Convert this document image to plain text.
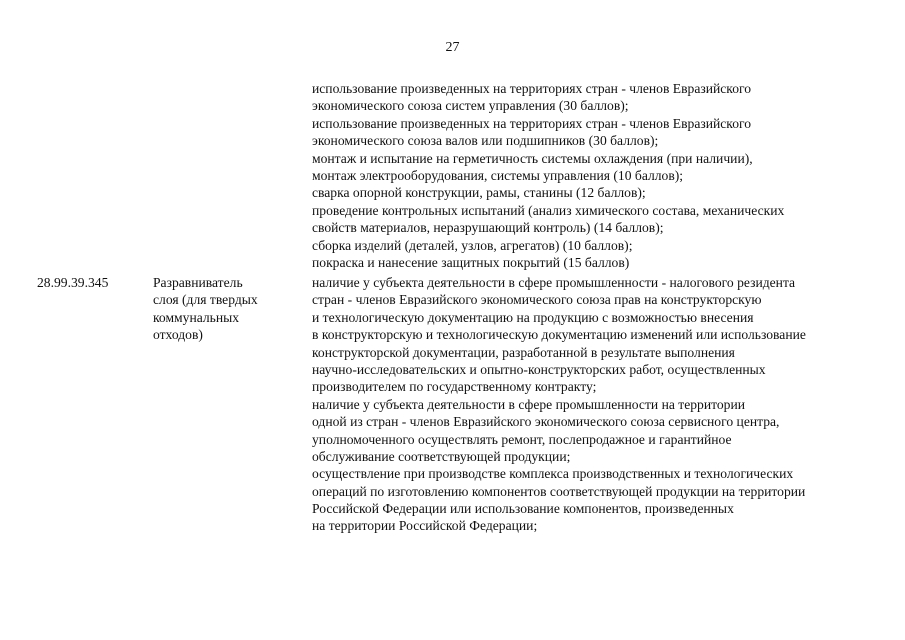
27
использование произведенных на территориях стран - членов Евразийского
экономического союза систем управления (30 баллов);
использование произведенных на территориях стран - членов Евразийского
экономического союза валов или подшипников (30 баллов);
монтаж и испытание на герметичность системы охлаждения (при наличии),
монтаж электрооборудования, системы управления (10 баллов);
сварка опорной конструкции, рамы, станины (12 баллов);
проведение контрольных испытаний (анализ химического состава, механических
свойств материалов, неразрушающий контроль) (14 баллов);
сборка изделий (деталей, узлов, агрегатов) (10 баллов);
покраска и нанесение защитных покрытий (15 баллов)
28.99.39.345	Разравниватель
слоя (для твердых
коммунальных
отходов)
наличие у субъекта деятельности в сфере промышленности - налогового резидента
стран - членов Евразийского экономического союза прав на конструкторскую
и технологическую документацию на продукцию с возможностью внесения
в конструкторскую и технологическую документацию изменений или использование
конструкторской документации, разработанной в результате выполнения
научно-исследовательских и опытно-конструкторских работ, осуществленных
производителем по государственному контракту;
наличие у субъекта деятельности в сфере промышленности на территории
одной из стран - членов Евразийского экономического союза сервисного центра,
уполномоченного осуществлять ремонт, послепродажное и гарантийное
обслуживание соответствующей продукции;
осуществление при производстве комплекса производственных и технологических
операций по изготовлению компонентов соответствующей продукции на территории
Российской Федерации или использование компонентов, произведенных
на территории Российской Федерации;
